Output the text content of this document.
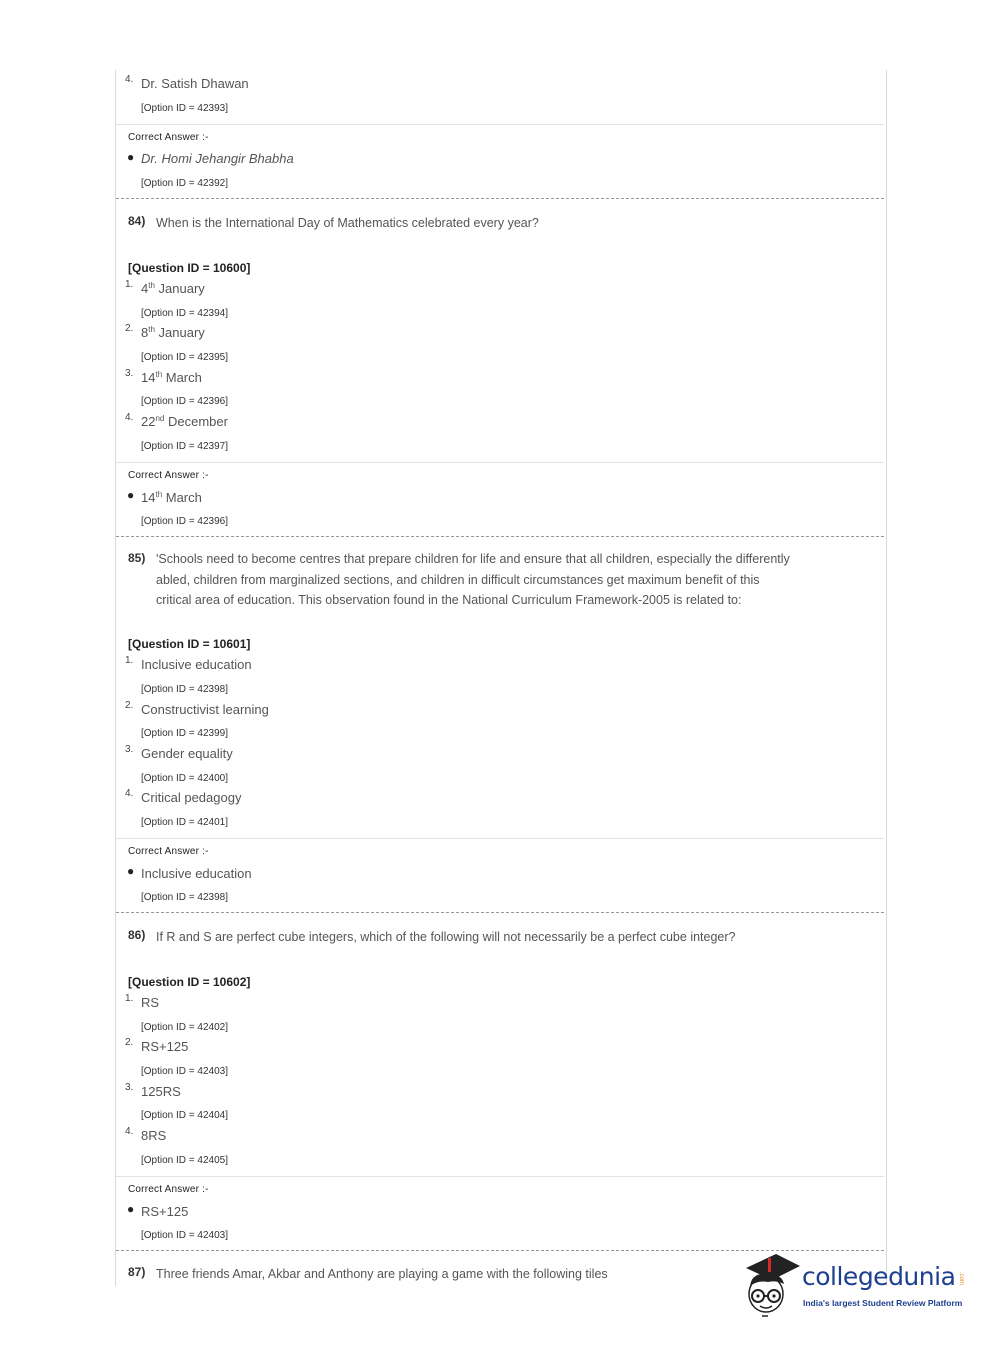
4. Dr. Satish Dhawan
[Option ID = 42393]
Correct Answer :-
● Dr. Homi Jehangir Bhabha
[Option ID = 42392]
84) When is the International Day of Mathematics celebrated every year?
[Question ID = 10600]
1. 4th January
[Option ID = 42394]
2. 8th January
[Option ID = 42395]
3. 14th March
[Option ID = 42396]
4. 22nd December
[Option ID = 42397]
Correct Answer :-
● 14th March
[Option ID = 42396]
85) 'Schools need to become centres that prepare children for life and ensure that all children, especially the differently
abled, children from marginalized sections, and children in difficult circumstances get maximum benefit of this
critical area of education. This observation found in the National Curriculum Framework-2005 is related to:
[Question ID = 10601]
1. Inclusive education
[Option ID = 42398]
2. Constructivist learning
[Option ID = 42399]
3. Gender equality
[Option ID = 42400]
4. Critical pedagogy
[Option ID = 42401]
Correct Answer :-
● Inclusive education
[Option ID = 42398]
86) If R and S are perfect cube integers, which of the following will not necessarily be a perfect cube integer?
[Question ID = 10602]
1. RS
[Option ID = 42402]
2. RS+125
[Option ID = 42403]
3. 125RS
[Option ID = 42404]
4. 8RS
[Option ID = 42405]
Correct Answer :-
● RS+125
[Option ID = 42403]
87) Three friends Amar, Akbar and Anthony are playing a game with the following tiles	collegedunia .com
India's largest Student Review Platform
